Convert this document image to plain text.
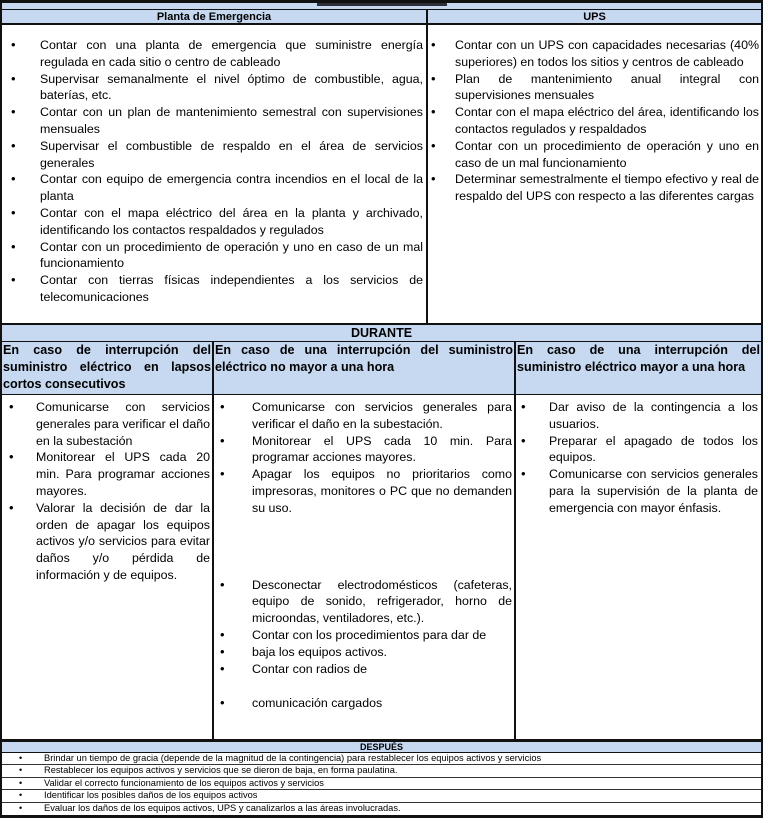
Planta de Emergencia	UPS
• Contar con una planta de emergencia que suministre energía regulada en cada sitio o centro de cableado
• Supervisar semanalmente el nivel óptimo de combustible, agua, baterías, etc.
• Contar con un plan de mantenimiento semestral con supervisiones mensuales
• Supervisar el combustible de respaldo en el área de servicios generales
• Contar con equipo de emergencia contra incendios en el local de la planta
• Contar con el mapa eléctrico del área en la planta y archivado, identificando los contactos respaldados y regulados
• Contar con un procedimiento de operación y uno en caso de un mal funcionamiento
• Contar con tierras físicas independientes a los servicios de telecomunicaciones
• Contar con un UPS con capacidades necesarias (40% superiores) en todos los sitios y centros de cableado
• Plan de mantenimiento anual integral con supervisiones mensuales
• Contar con el mapa eléctrico del área, identificando los contactos regulados y respaldados
• Contar con un procedimiento de operación y uno en caso de un mal funcionamiento
• Determinar semestralmente el tiempo efectivo y real de respaldo del UPS con respecto a las diferentes cargas
DURANTE
En caso de interrupción del suministro eléctrico en lapsos cortos consecutivos
En caso de una interrupción del suministro eléctrico no mayor a una hora
En caso de una interrupción del suministro eléctrico mayor a una hora
• Comunicarse con servicios generales para verificar el daño en la subestación
• Monitorear el UPS cada 20 min. Para programar acciones mayores.
• Valorar la decisión de dar la orden de apagar los equipos activos y/o servicios para evitar daños y/o pérdida de información y de equipos.
• Comunicarse con servicios generales para verificar el daño en la subestación.
• Monitorear el UPS cada 10 min. Para programar acciones mayores.
• Apagar los equipos no prioritarios como impresoras, monitores o PC que no demanden su uso.
• Desconectar electrodomésticos (cafeteras, equipo de sonido, refrigerador, horno de microondas, ventiladores, etc.).
• Contar con los procedimientos para dar de
• baja los equipos activos.
• Contar con radios de
• comunicación cargados
• Dar aviso de la contingencia a los usuarios.
• Preparar el apagado de todos los equipos.
• Comunicarse con servicios generales para la supervisión de la planta de emergencia con mayor énfasis.
DESPUÉS
• Brindar un tiempo de gracia (depende de la magnitud de la contingencia) para restablecer los equipos activos y servicios
• Restablecer los equipos activos y servicios que se dieron de baja, en forma paulatina.
• Validar el correcto funcionamiento de los equipos activos y servicios
• Identificar los posibles daños de los equipos activos
• Evaluar los daños de los equipos activos, UPS y canalizarlos a las áreas involucradas.
